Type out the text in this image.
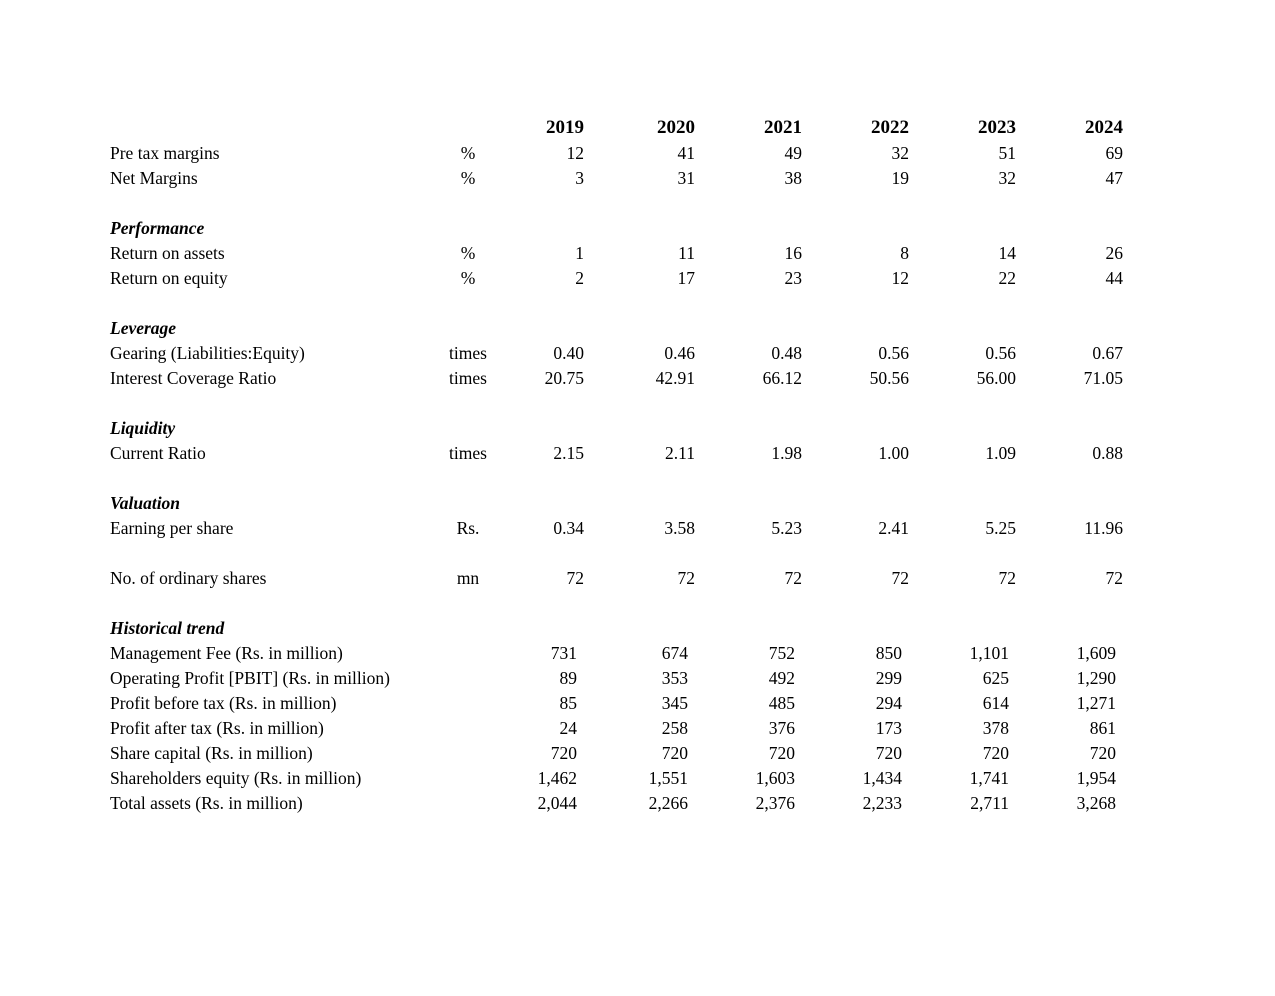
2019	2020	2021	2022	2023	2024
Pre tax margins	%	12	41	49	32	51	69
Net Margins	%	3	31	38	19	32	47
Performance
Return on assets	%	1	11	16	8	14	26
Return on equity	%	2	17	23	12	22	44
Leverage
Gearing (Liabilities:Equity)	times	0.40	0.46	0.48	0.56	0.56	0.67
Interest Coverage Ratio	times	20.75	42.91	66.12	50.56	56.00	71.05
Liquidity
Current Ratio	times	2.15	2.11	1.98	1.00	1.09	0.88
Valuation
Earning per share	Rs.	0.34	3.58	5.23	2.41	5.25	11.96
No. of ordinary shares	mn	72	72	72	72	72	72
Historical trend
Management Fee (Rs. in million)	731	674	752	850	1,101	1,609
Operating Profit [PBIT] (Rs. in million)	89	353	492	299	625	1,290
Profit before tax (Rs. in million)	85	345	485	294	614	1,271
Profit after tax (Rs. in million)	24	258	376	173	378	861
Share capital (Rs. in million)	720	720	720	720	720	720
Shareholders equity (Rs. in million)	1,462	1,551	1,603	1,434	1,741	1,954
Total assets (Rs. in million)	2,044	2,266	2,376	2,233	2,711	3,268
